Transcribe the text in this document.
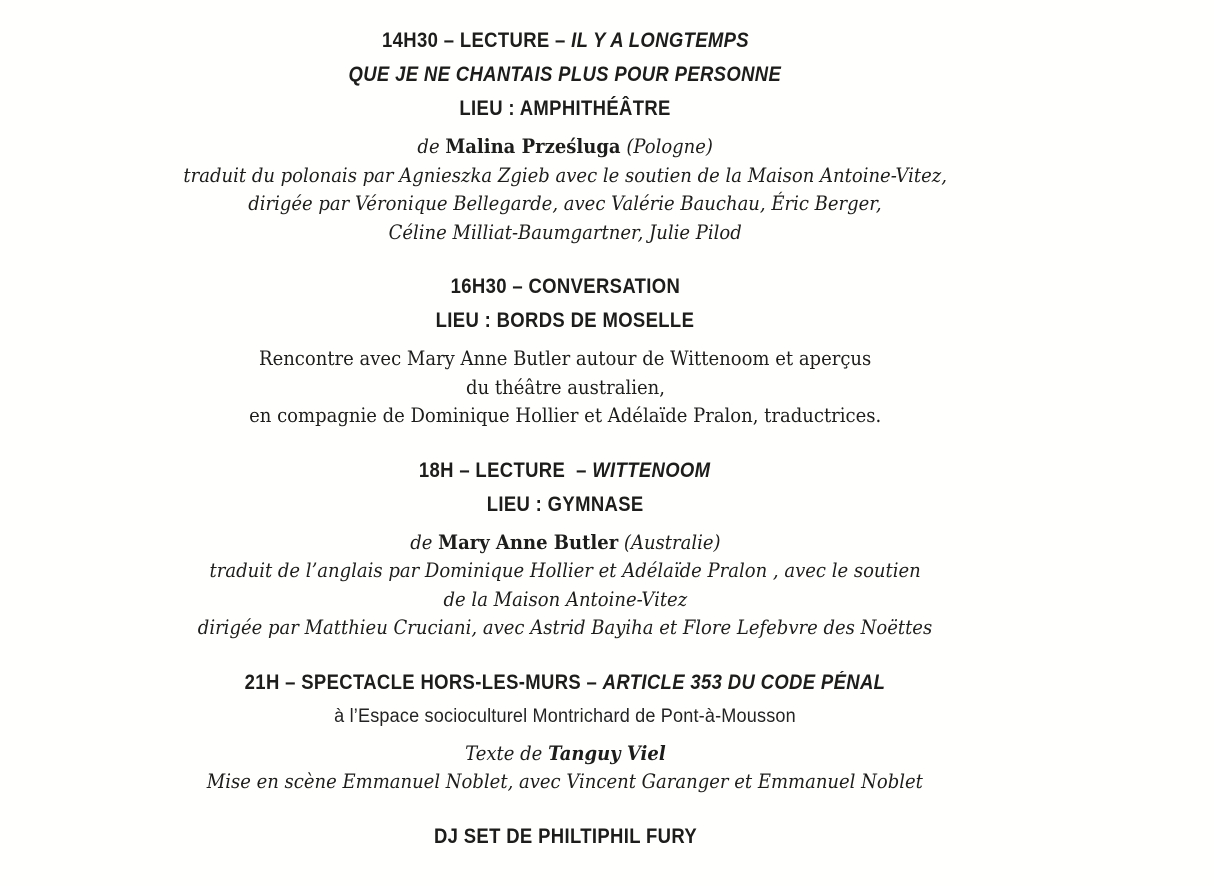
14H30 – LECTURE – IL Y A LONGTEMPS
QUE JE NE CHANTAIS PLUS POUR PERSONNE
LIEU : AMPHITHÉÂTRE
de Malina Prześluga (Pologne)
traduit du polonais par Agnieszka Zgieb avec le soutien de la Maison Antoine-Vitez,
dirigée par Véronique Bellegarde, avec Valérie Bauchau, Éric Berger,
Céline Milliat-Baumgartner, Julie Pilod
16H30 – CONVERSATION
LIEU : BORDS DE MOSELLE
Rencontre avec Mary Anne Butler autour de Wittenoom et aperçus
du théâtre australien,
en compagnie de Dominique Hollier et Adélaïde Pralon, traductrices.
18H – LECTURE  – WITTENOOM
LIEU : GYMNASE
de Mary Anne Butler (Australie)
traduit de l’anglais par Dominique Hollier et Adélaïde Pralon , avec le soutien
de la Maison Antoine-Vitez
dirigée par Matthieu Cruciani, avec Astrid Bayiha et Flore Lefebvre des Noëttes
21H – SPECTACLE HORS-LES-MURS – ARTICLE 353 DU CODE PÉNAL
à l’Espace socioculturel Montrichard de Pont-à-Mousson
Texte de Tanguy Viel
Mise en scène Emmanuel Noblet, avec Vincent Garanger et Emmanuel Noblet
DJ SET DE PHILTIPHIL FURY
